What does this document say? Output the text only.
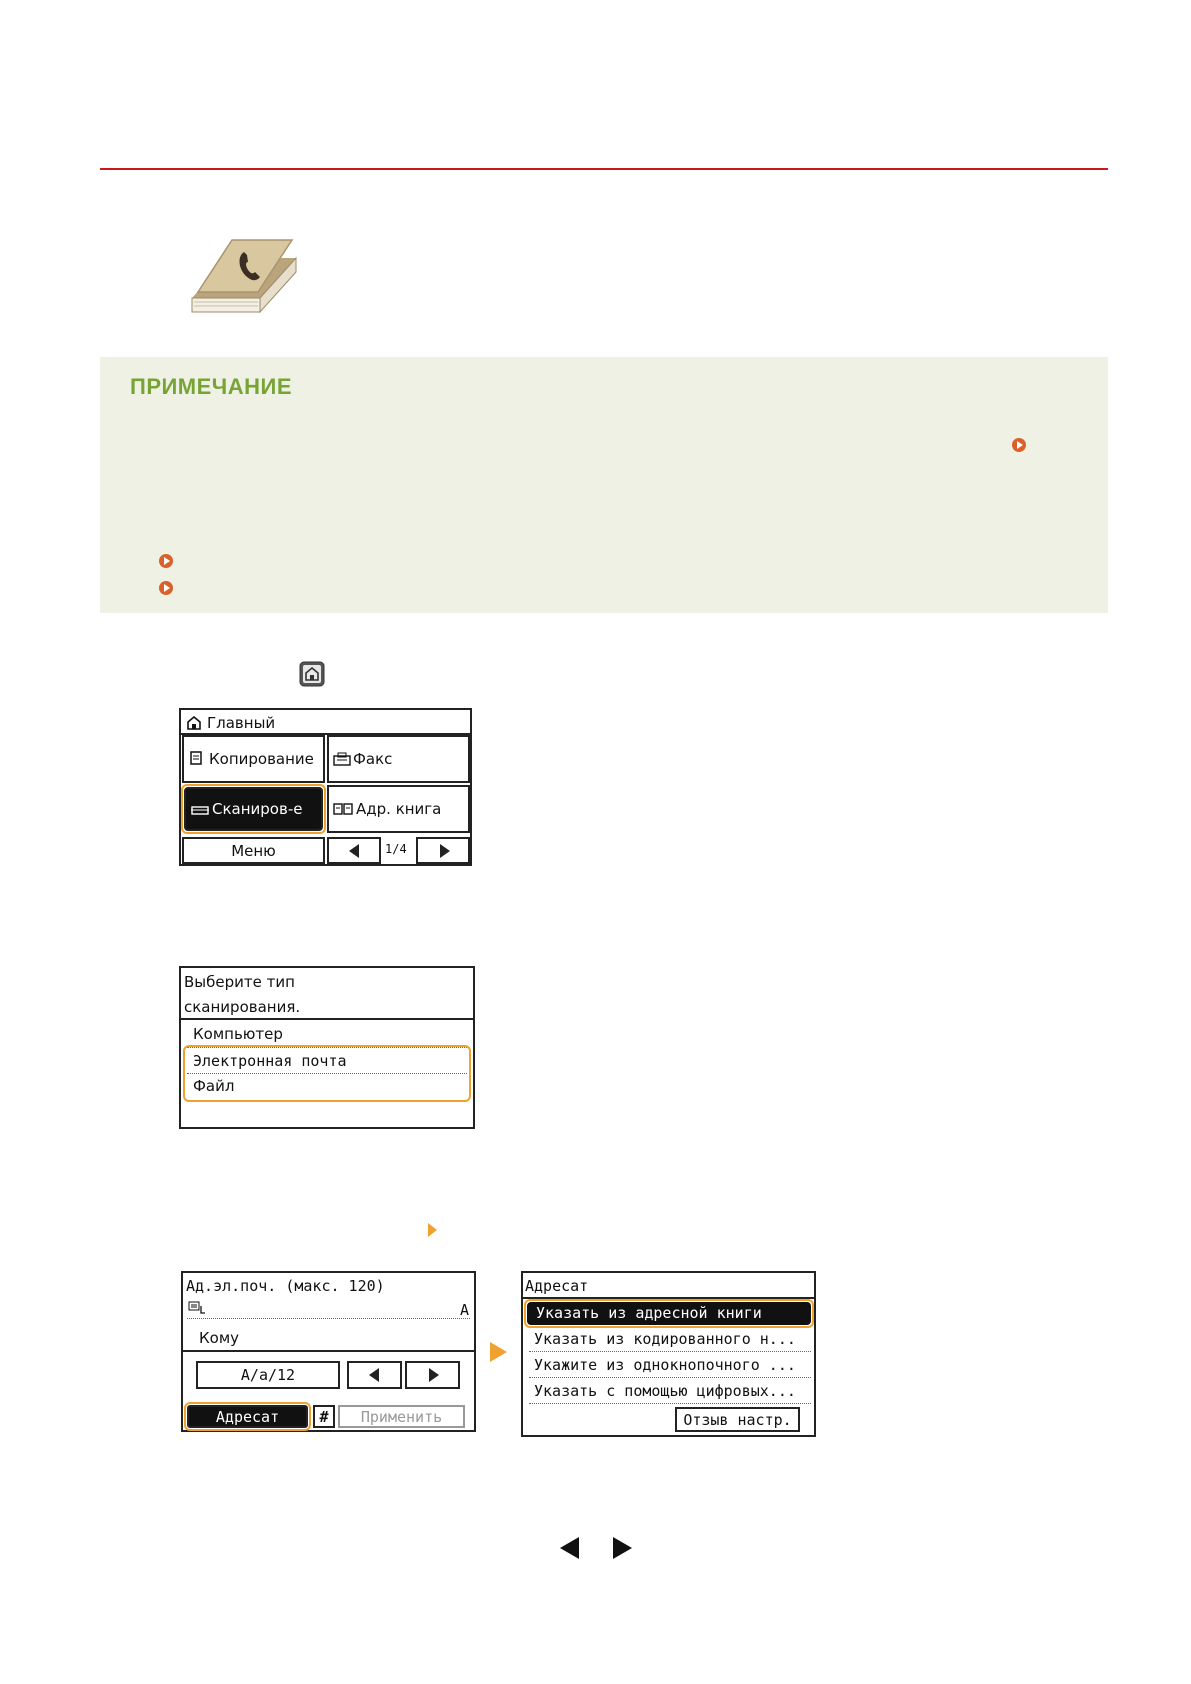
ПРИМЕЧАНИЕ
Главный
Копирование	Факс
Сканиров-е	Адр. книга
Меню	1/4
Выберите тип
сканирования.
Компьютер
Электронная почта
Файл
Ад.эл.поч. (макс. 120)
A
Кому
A/a/12
Адресат	# Применить
Адресат
Указать из адресной книги
Указать из кодированного н...
Укажите из однокнопочного ...
Указать с помощью цифровых...
Отзыв настр.
